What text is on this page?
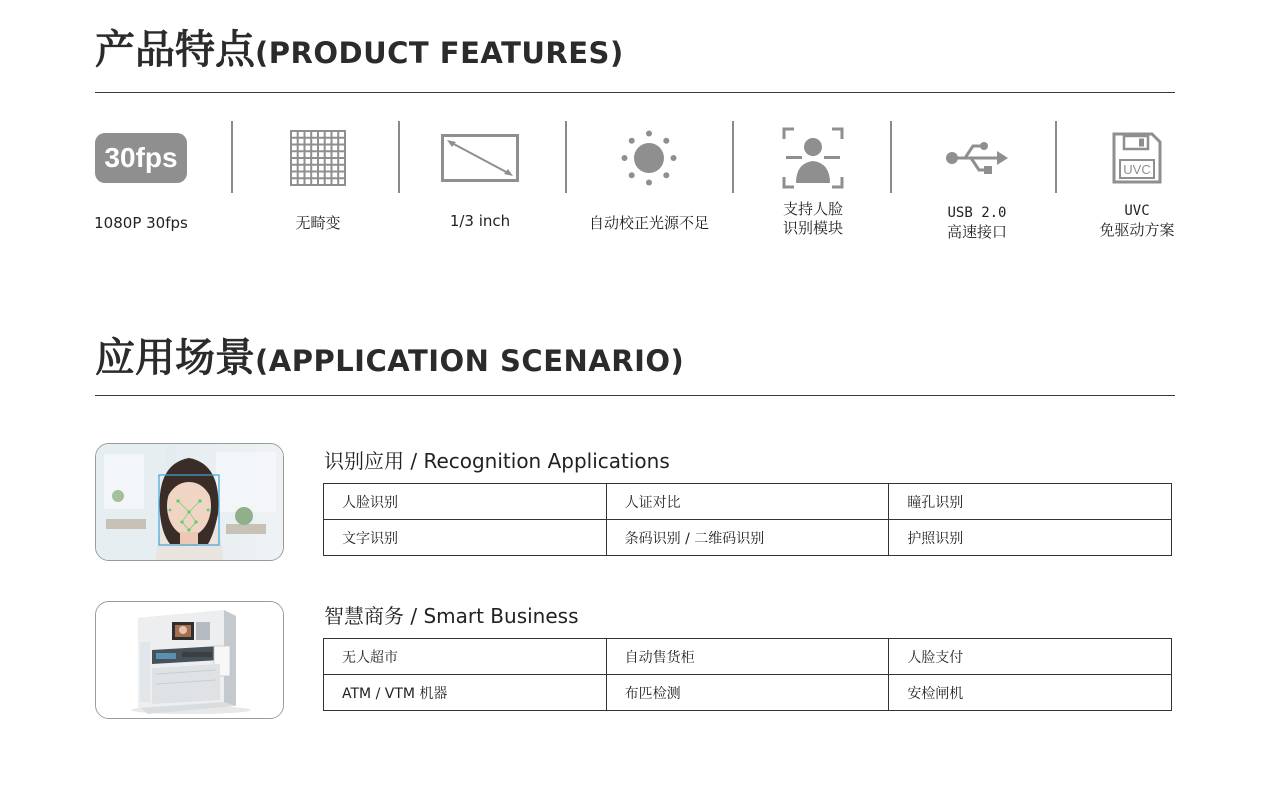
产品特点(PRODUCT FEATURES)
30fps
1080P 30fps	无畸变	1/3 inch	自动校正光源不足
支持人脸
识别模块
USB 2.0
高速接口
UVC
UVC
免驱动方案
应用场景(APPLICATION SCENARIO)
识别应用 / Recognition Applications
人脸识别	人证对比	瞳孔识别
文字识别	条码识别 / 二维码识别	护照识别
智慧商务 / Smart Business
无人超市	自动售货柜	人脸支付
ATM / VTM 机器	布匹检测	安检闸机
